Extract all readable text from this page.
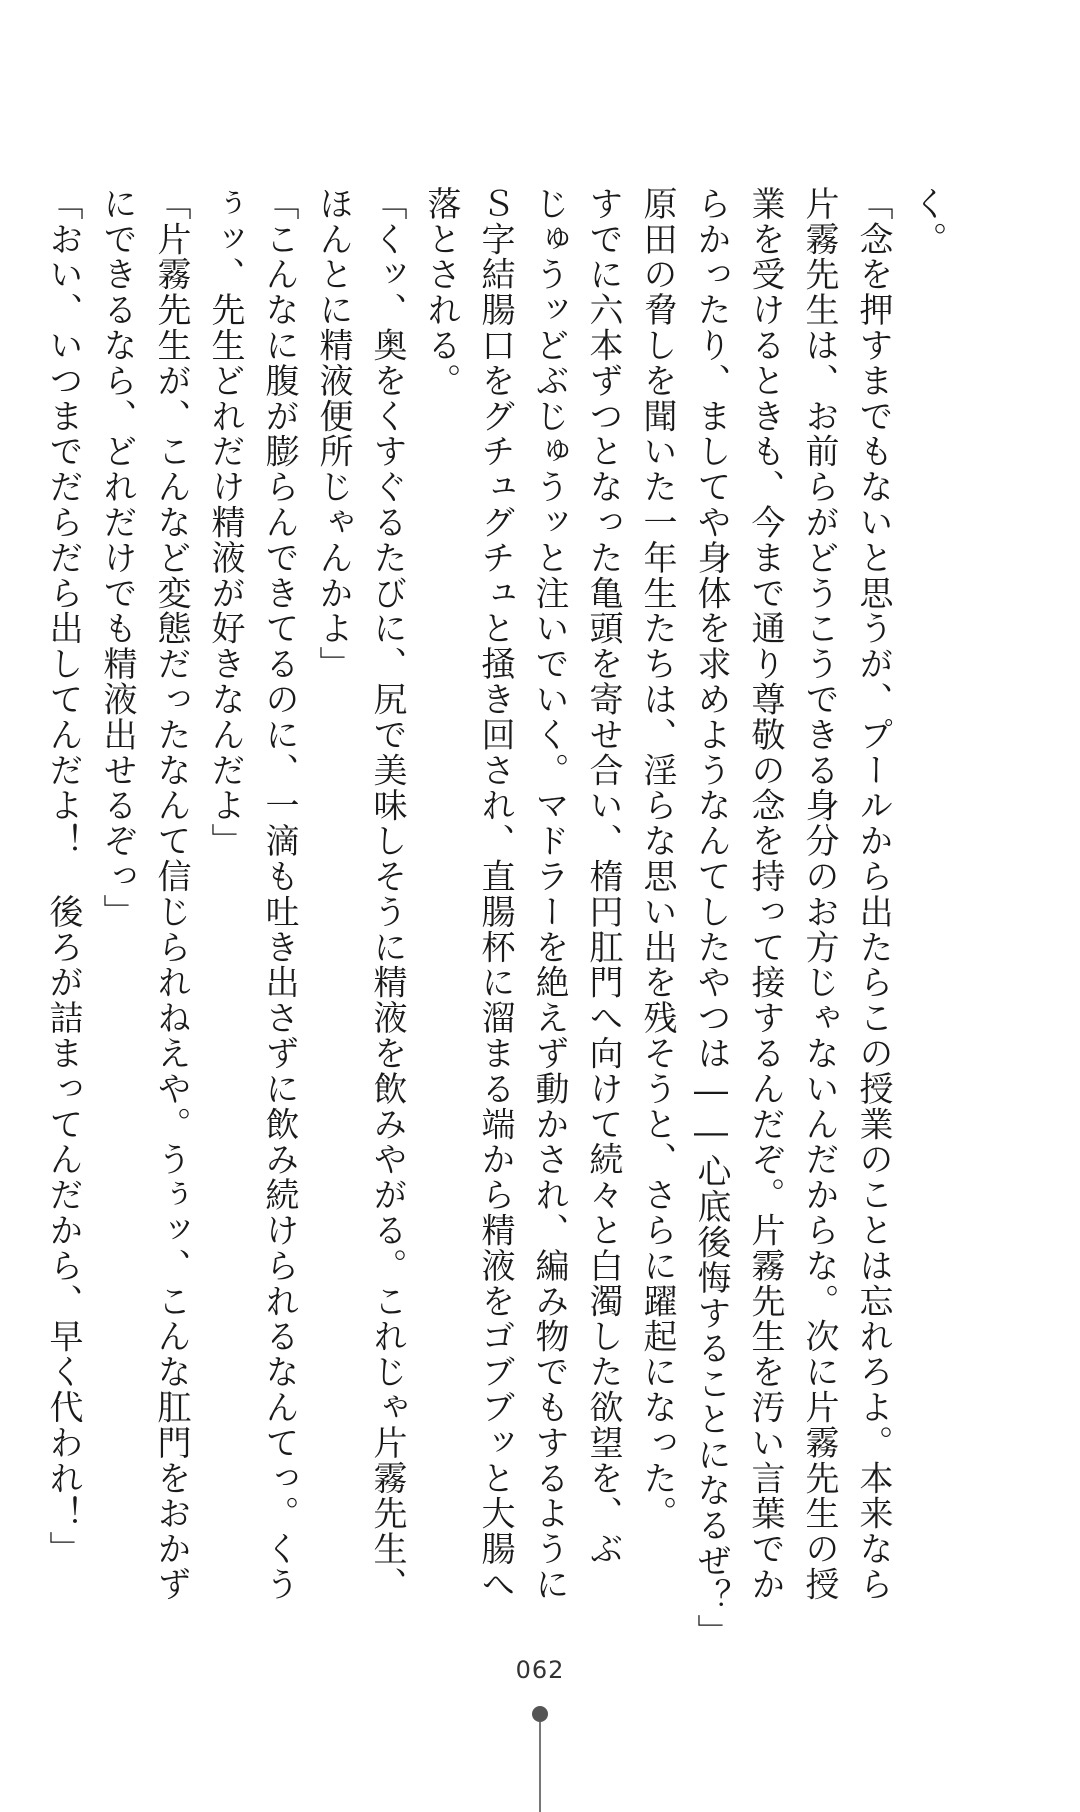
く。
「念を押すまでもないと思うが、プールから出たらこの授業のことは忘れろよ。本来なら
片霧先生は、お前らがどうこうできる身分のお方じゃないんだからな。次に片霧先生の授
業を受けるときも、今まで通り尊敬の念を持って接するんだぞ。片霧先生を汚い言葉でか
らかったり、ましてや身体を求めようなんてしたやつは――心底後悔することになるぜ？」
原田の脅しを聞いた一年生たちは、淫らな思い出を残そうと、さらに躍起になった。
すでに六本ずつとなった亀頭を寄せ合い、楕円肛門へ向けて続々と白濁した欲望を、ぶ
じゅうッどぶじゅうッと注いでいく。マドラーを絶えず動かされ、編み物でもするように
Ｓ字結腸口をグチュグチュと掻き回され、直腸杯に溜まる端から精液をゴブブッと大腸へ
落とされる。
「くッ、奥をくすぐるたびに、尻で美味しそうに精液を飲みやがる。これじゃ片霧先生、
ほんとに精液便所じゃんかよ」
「こんなに腹が膨らんできてるのに、一滴も吐き出さずに飲み続けられるなんてっ。くう
ぅッ、先生どれだけ精液が好きなんだよ」
「片霧先生が、こんなど変態だったなんて信じられねえや。うぅッ、こんな肛門をおかず
にできるなら、どれだけでも精液出せるぞっ」
「おい、いつまでだらだら出してんだよ！　後ろが詰まってんだから、早く代われ！」
062
